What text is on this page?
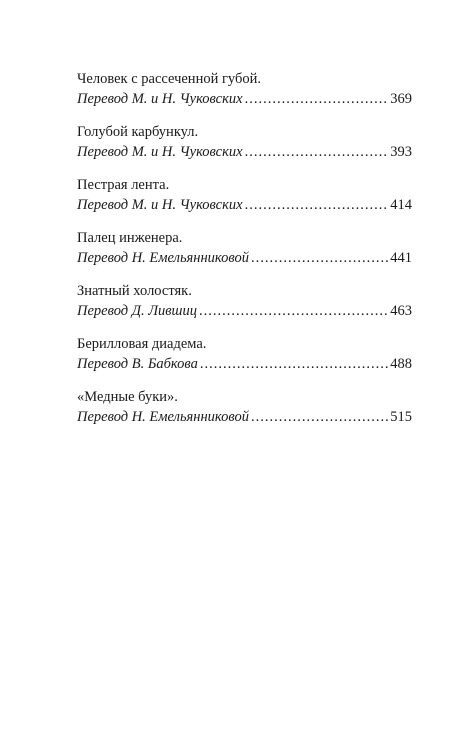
Человек с рассеченной губой.
Перевод М. и Н. Чуковских .....	369
Голубой карбункул.
Перевод М. и Н. Чуковских .....	393
Пестрая лента.
Перевод М. и Н. Чуковских .....	414
Палец инженера.
Перевод Н. Емельянниковой .....	441
Знатный холостяк.
Перевод Д. Лившиц .....	463
Берилловая диадема.
Перевод В. Бабкова .....	488
«Медные буки».
Перевод Н. Емельянниковой .....	515
